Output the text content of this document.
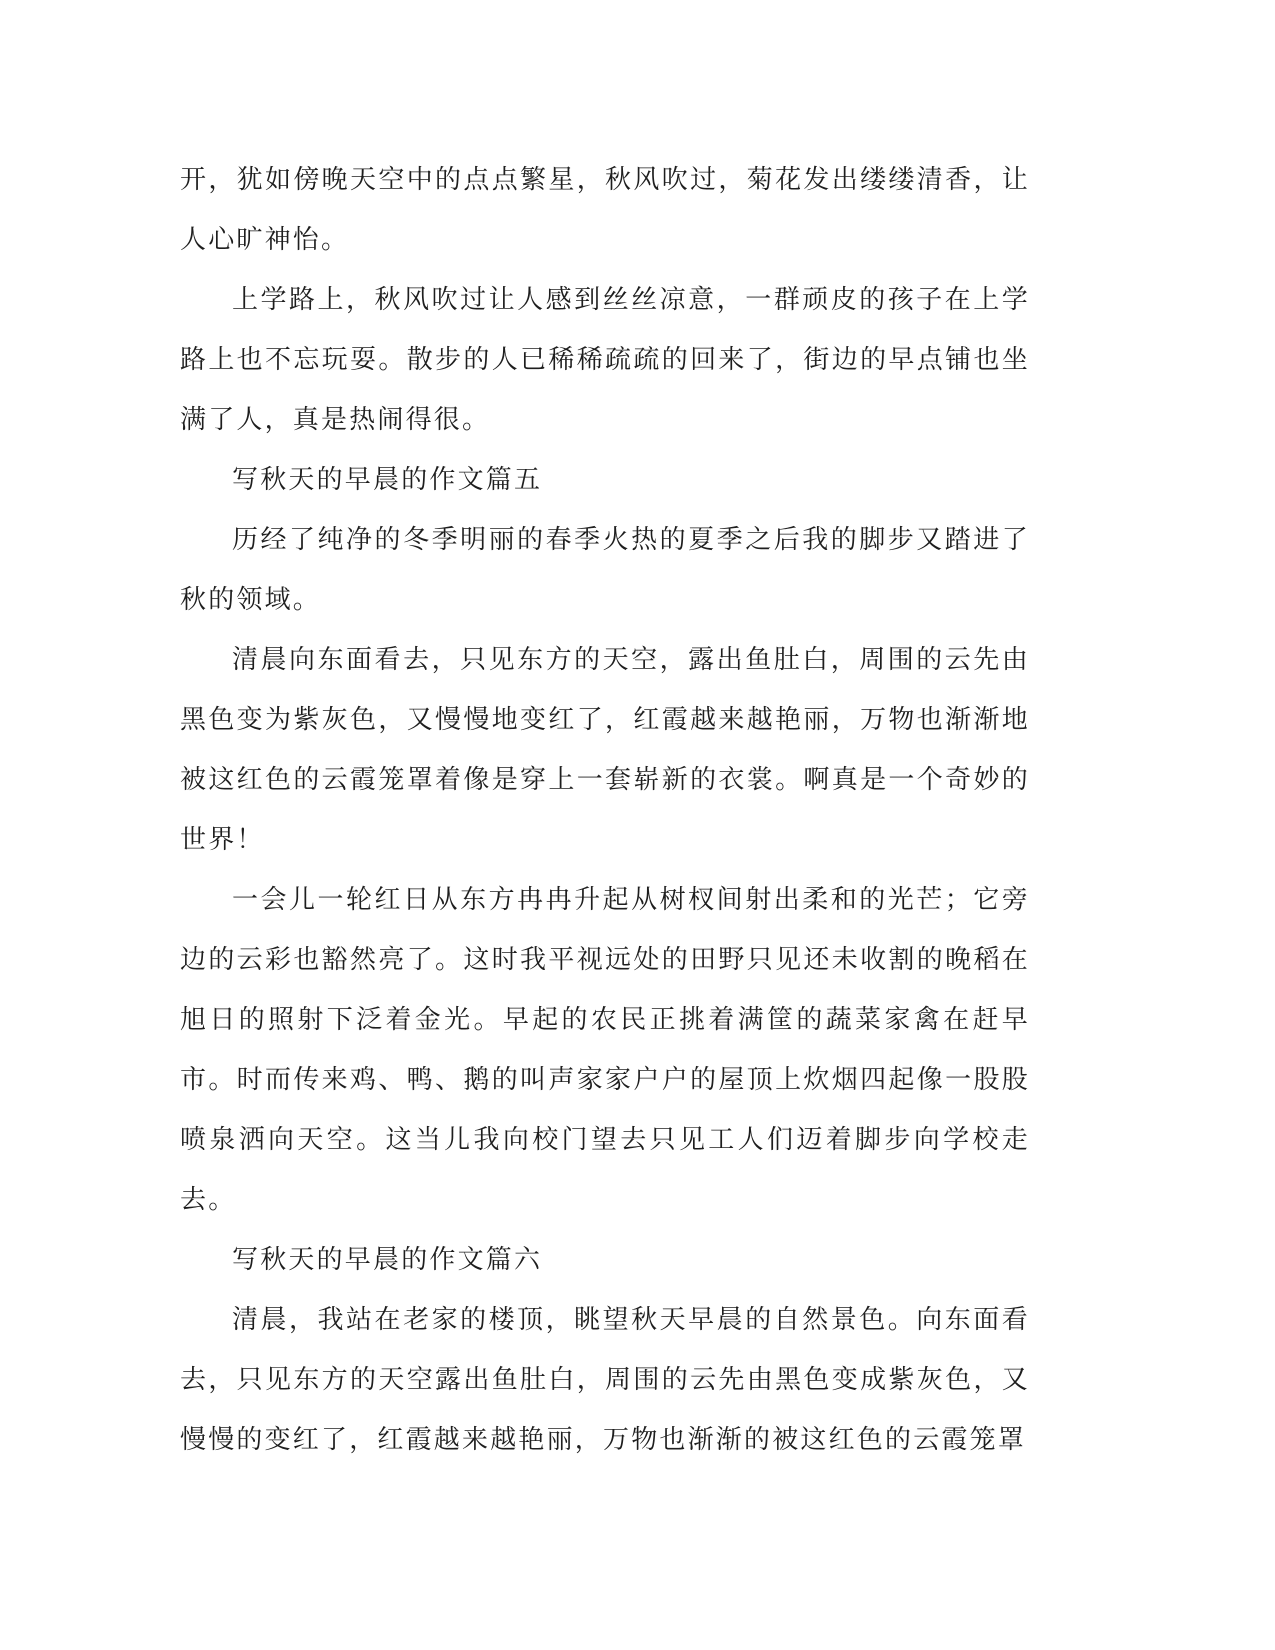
开，犹如傍晚天空中的点点繁星，秋风吹过，菊花发出缕缕清香，让人心旷神怡。

上学路上，秋风吹过让人感到丝丝凉意，一群顽皮的孩子在上学路上也不忘玩耍。散步的人已稀稀疏疏的回来了，街边的早点铺也坐满了人，真是热闹得很。

写秋天的早晨的作文篇五

历经了纯净的冬季明丽的春季火热的夏季之后我的脚步又踏进了秋的领域。

清晨向东面看去，只见东方的天空，露出鱼肚白，周围的云先由黑色变为紫灰色，又慢慢地变红了，红霞越来越艳丽，万物也渐渐地被这红色的云霞笼罩着像是穿上一套崭新的衣裳。啊真是一个奇妙的世界！

一会儿一轮红日从东方冉冉升起从树杈间射出柔和的光芒；它旁边的云彩也豁然亮了。这时我平视远处的田野只见还未收割的晚稻在旭日的照射下泛着金光。早起的农民正挑着满筐的蔬菜家禽在赶早市。时而传来鸡、鸭、鹅的叫声家家户户的屋顶上炊烟四起像一股股喷泉洒向天空。这当儿我向校门望去只见工人们迈着脚步向学校走去。

写秋天的早晨的作文篇六

清晨，我站在老家的楼顶，眺望秋天早晨的自然景色。向东面看去，只见东方的天空露出鱼肚白，周围的云先由黑色变成紫灰色，又慢慢的变红了，红霞越来越艳丽，万物也渐渐的被这红色的云霞笼罩
